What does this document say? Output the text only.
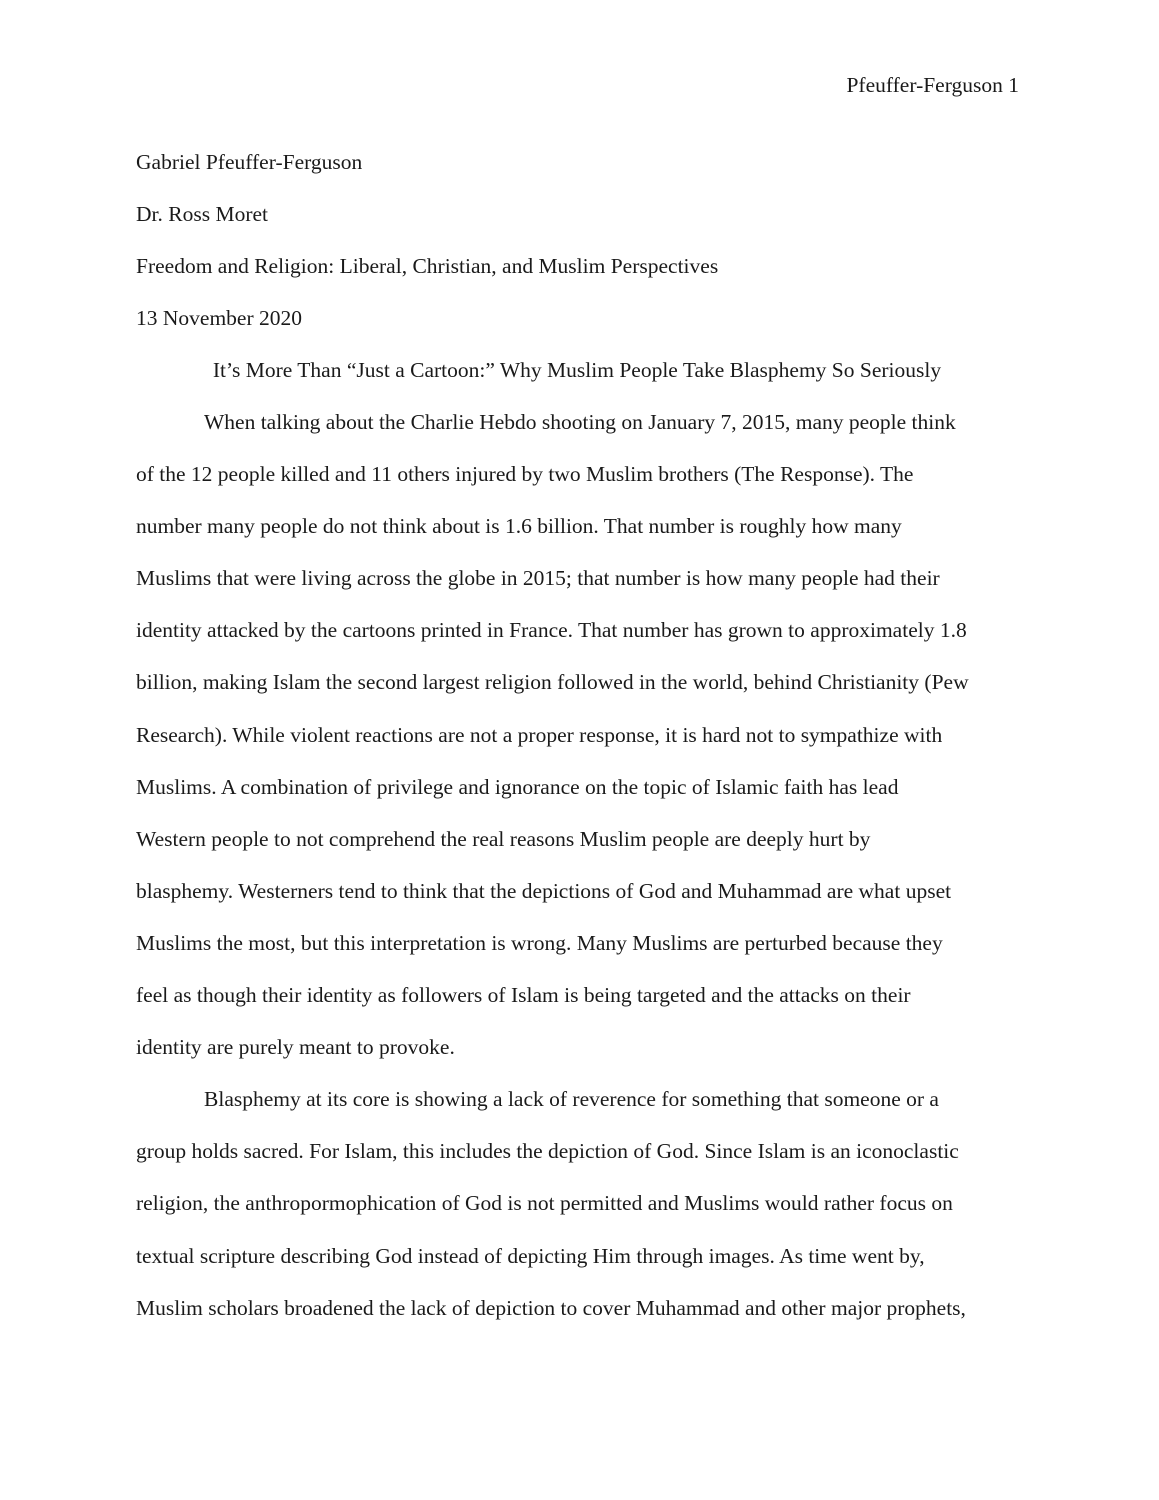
Pfeuffer-Ferguson 1
Gabriel Pfeuffer-Ferguson
Dr. Ross Moret
Freedom and Religion: Liberal, Christian, and Muslim Perspectives
13 November 2020
It’s More Than “Just a Cartoon:” Why Muslim People Take Blasphemy So Seriously
When talking about the Charlie Hebdo shooting on January 7, 2015, many people think
of the 12 people killed and 11 others injured by two Muslim brothers (The Response). The
number many people do not think about is 1.6 billion. That number is roughly how many
Muslims that were living across the globe in 2015; that number is how many people had their
identity attacked by the cartoons printed in France. That number has grown to approximately 1.8
billion, making Islam the second largest religion followed in the world, behind Christianity (Pew
Research). While violent reactions are not a proper response, it is hard not to sympathize with
Muslims. A combination of privilege and ignorance on the topic of Islamic faith has lead
Western people to not comprehend the real reasons Muslim people are deeply hurt by
blasphemy. Westerners tend to think that the depictions of God and Muhammad are what upset
Muslims the most, but this interpretation is wrong. Many Muslims are perturbed because they
feel as though their identity as followers of Islam is being targeted and the attacks on their
identity are purely meant to provoke.
Blasphemy at its core is showing a lack of reverence for something that someone or a
group holds sacred. For Islam, this includes the depiction of God. Since Islam is an iconoclastic
religion, the anthropormophication of God is not permitted and Muslims would rather focus on
textual scripture describing God instead of depicting Him through images. As time went by,
Muslim scholars broadened the lack of depiction to cover Muhammad and other major prophets,
